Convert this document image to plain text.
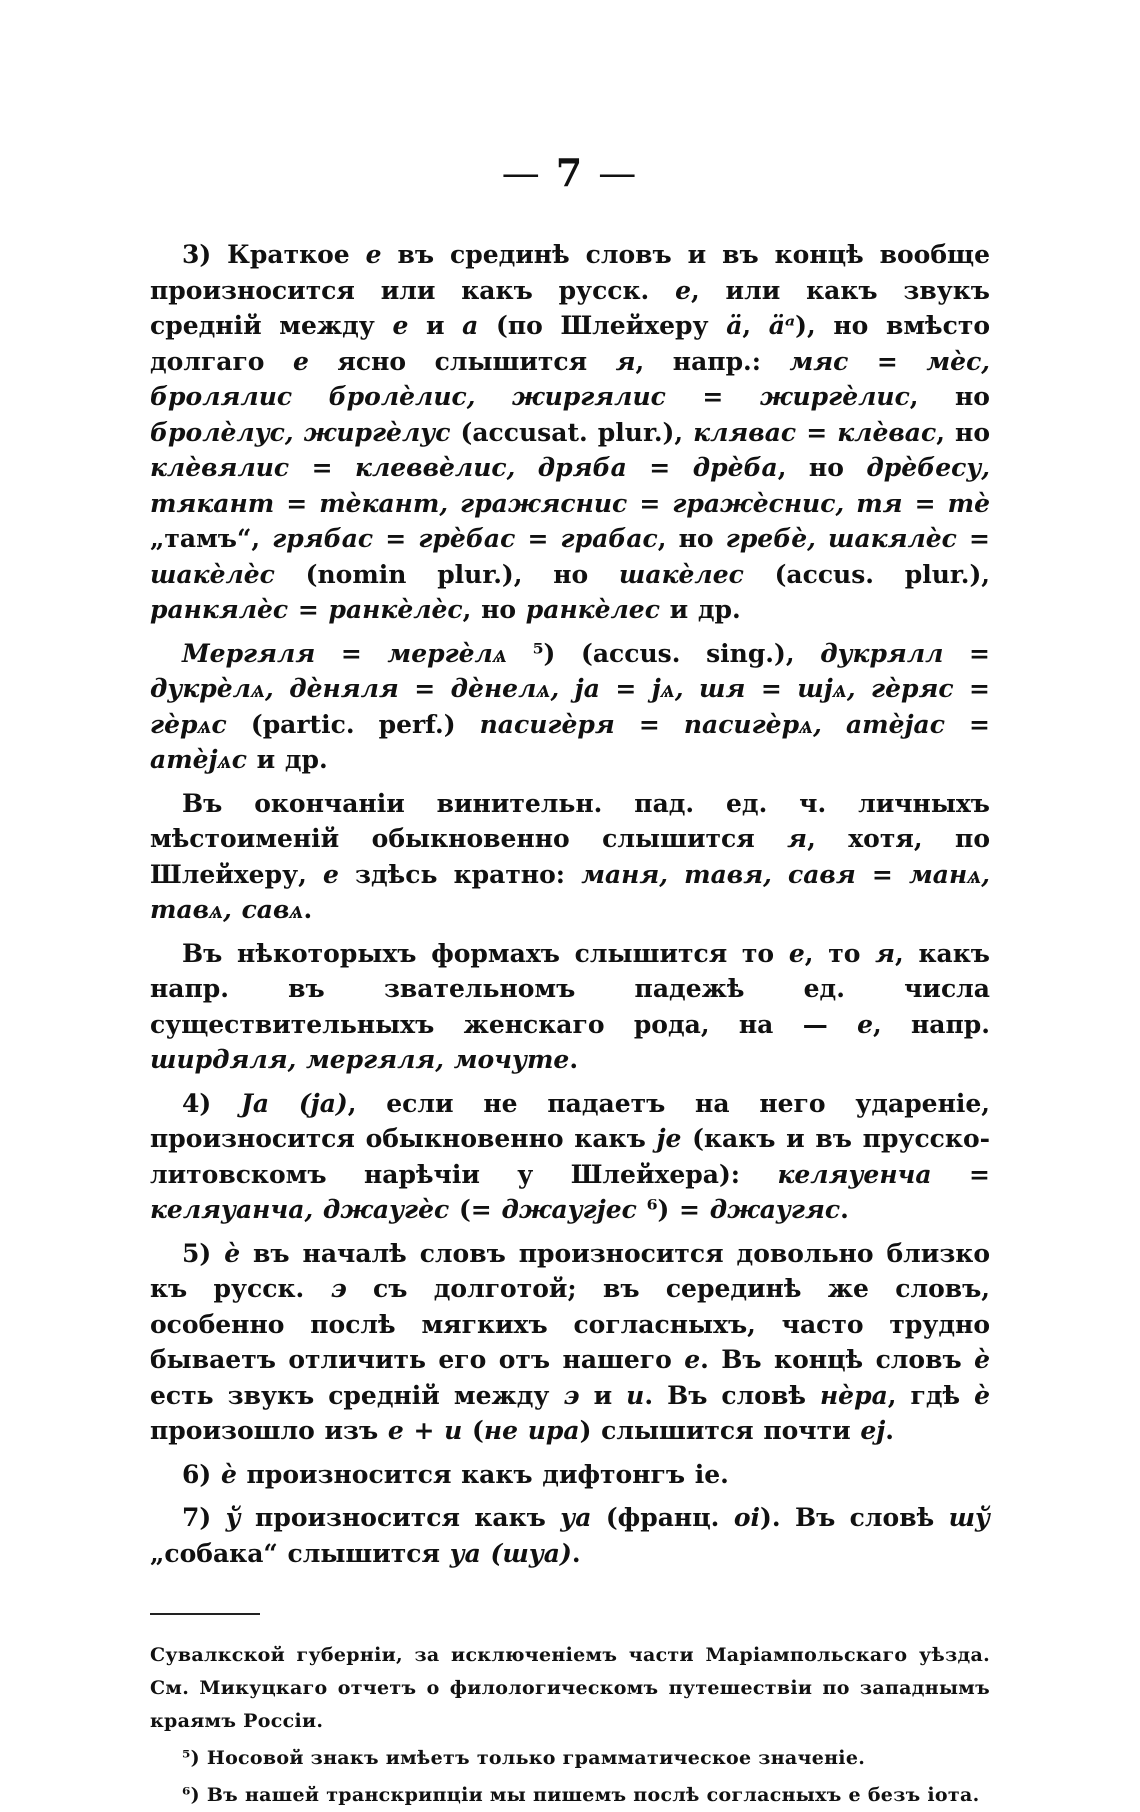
— 7 —

3) Краткое е въ срединѣ словъ и въ концѣ вообще произносится или какъ русск. е, или какъ звукъ средній между е и а (по Шлейхеру ä, äᵃ), но вмѣсто долгаго е ясно слышится я, напр.: мяс = мѐс, бролялис бролѐлис, жиргялис = жиргѐлис, но бролѐлус, жиргѐлус (accusat. plur.), клявас = клѐвас, но клѐвялис = клеввѐлис, дряба = дрѐба, но дрѐбесу, тякант = тѐкант, гражяснис = гражѐснис, тя = тѐ „тамъ“, грябас = грѐбас = грабас, но гребѐ, шакялѐс = шакѐлѐс (nomin plur.), но шакѐлес (accus. plur.), ранкялѐс = ранкѐлѐс, но ранкѐлес и др.

Мергяля = мергѐлѧ ⁵) (accus. sing.), дукрялл = дукрѐлѧ, дѐняля = дѐнелѧ, ја = јѧ, шя = шјѧ, гѐряс = гѐрѧс (partic. perf.) пасигѐря = пасигѐрѧ, атѐјас = атѐјѧс и др.

Въ окончаніи винительн. пад. ед. ч. личныхъ мѣстоименій обыкновенно слышится я, хотя, по Шлейхеру, е здѣсь кратно: маня, тавя, савя = манѧ, тавѧ, савѧ.

Въ нѣкоторыхъ формахъ слышится то е, то я, какъ напр. въ звательномъ падежѣ ед. числа существительныхъ женскаго рода, на — е, напр. ширдяля, мергяля, мочуте.

4) Ја (ја), если не падаетъ на него удареніе, произносится обыкновенно какъ је (какъ и въ прусско-литовскомъ нарѣчіи у Шлейхера): келяуенча = келяуанча, джаугѐс (= джаугјес ⁶) = джаугяс.

5) ѐ въ началѣ словъ произносится довольно близко къ русск. э съ долготой; въ серединѣ же словъ, особенно послѣ мягкихъ согласныхъ, часто трудно бываетъ отличить его отъ нашего е. Въ концѣ словъ ѐ есть звукъ средній между э и и. Въ словѣ нѐра, гдѣ ѐ произошло изъ е + и (не ира) слышится почти еј.

6) ѐ произносится какъ дифтонгъ іе.

7) ў произносится какъ уа (франц. oi). Въ словѣ шў „собака“ слышится уа (шуа).

Сувалкской губерніи, за исключеніемъ части Маріампольскаго уѣзда. См. Микуцкаго отчетъ о филологическомъ путешествіи по западнымъ краямъ Россіи.

⁵) Носовой знакъ имѣетъ только грамматическое значеніе.

⁶) Въ нашей транскрипціи мы пишемъ послѣ согласныхъ е безъ іота.
